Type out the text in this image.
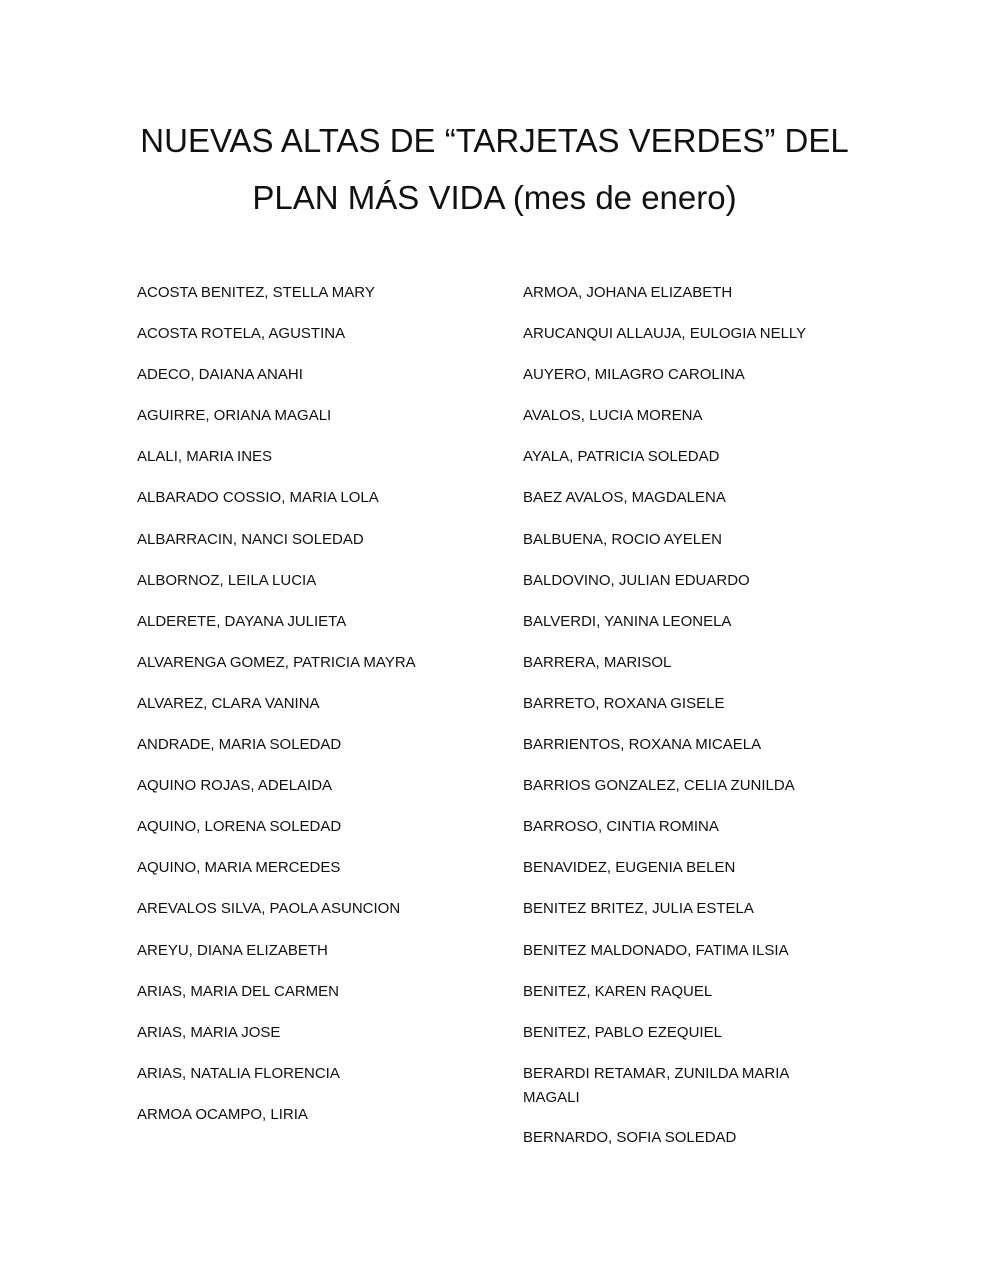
NUEVAS ALTAS DE “TARJETAS VERDES” DEL
PLAN MÁS VIDA (mes de enero)
ACOSTA BENITEZ, STELLA MARY
ACOSTA ROTELA, AGUSTINA
ADECO, DAIANA ANAHI
AGUIRRE, ORIANA MAGALI
ALALI, MARIA INES
ALBARADO COSSIO, MARIA LOLA
ALBARRACIN, NANCI SOLEDAD
ALBORNOZ, LEILA LUCIA
ALDERETE, DAYANA JULIETA
ALVARENGA GOMEZ, PATRICIA MAYRA
ALVAREZ, CLARA VANINA
ANDRADE, MARIA SOLEDAD
AQUINO ROJAS, ADELAIDA
AQUINO, LORENA SOLEDAD
AQUINO, MARIA MERCEDES
AREVALOS SILVA, PAOLA ASUNCION
AREYU, DIANA ELIZABETH
ARIAS, MARIA DEL CARMEN
ARIAS, MARIA JOSE
ARIAS, NATALIA FLORENCIA
ARMOA OCAMPO, LIRIA
ARMOA, JOHANA ELIZABETH
ARUCANQUI ALLAUJA, EULOGIA NELLY
AUYERO, MILAGRO CAROLINA
AVALOS, LUCIA MORENA
AYALA, PATRICIA SOLEDAD
BAEZ AVALOS, MAGDALENA
BALBUENA, ROCIO AYELEN
BALDOVINO, JULIAN EDUARDO
BALVERDI, YANINA LEONELA
BARRERA, MARISOL
BARRETO, ROXANA GISELE
BARRIENTOS, ROXANA MICAELA
BARRIOS GONZALEZ, CELIA ZUNILDA
BARROSO, CINTIA ROMINA
BENAVIDEZ, EUGENIA BELEN
BENITEZ BRITEZ, JULIA ESTELA
BENITEZ MALDONADO, FATIMA ILSIA
BENITEZ, KAREN RAQUEL
BENITEZ, PABLO EZEQUIEL
BERARDI RETAMAR, ZUNILDA MARIA MAGALI
BERNARDO, SOFIA SOLEDAD
